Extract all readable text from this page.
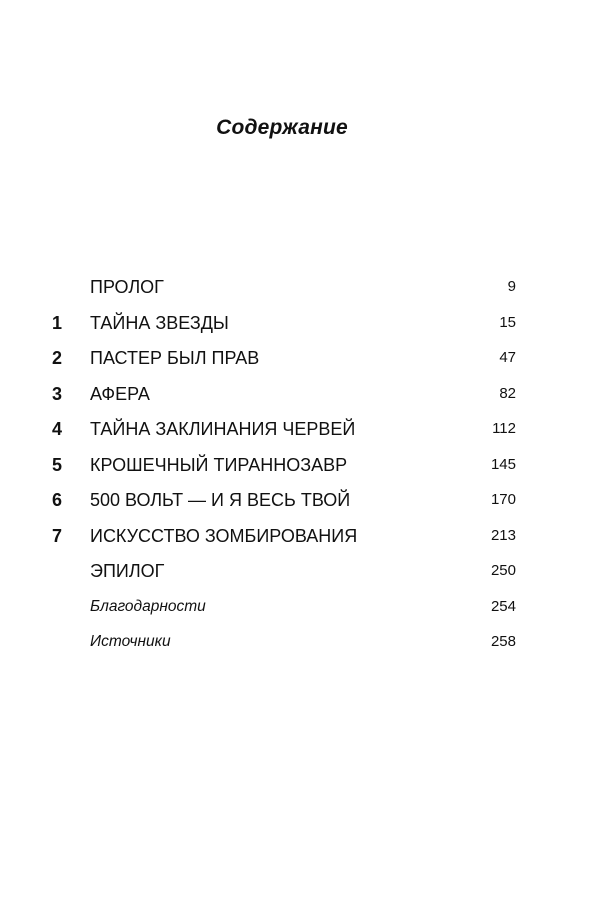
Содержание
ПРОЛОГ	9
1	ТАЙНА ЗВЕЗДЫ	15
2	ПАСТЕР БЫЛ ПРАВ	47
3	АФЕРА	82
4	ТАЙНА ЗАКЛИНАНИЯ ЧЕРВЕЙ	112
5	КРОШЕЧНЫЙ ТИРАННОЗАВР	145
6	500 ВОЛЬТ — И Я ВЕСЬ ТВОЙ	170
7	ИСКУССТВО ЗОМБИРОВАНИЯ	213
ЭПИЛОГ	250
Благодарности	254
Источники	258
